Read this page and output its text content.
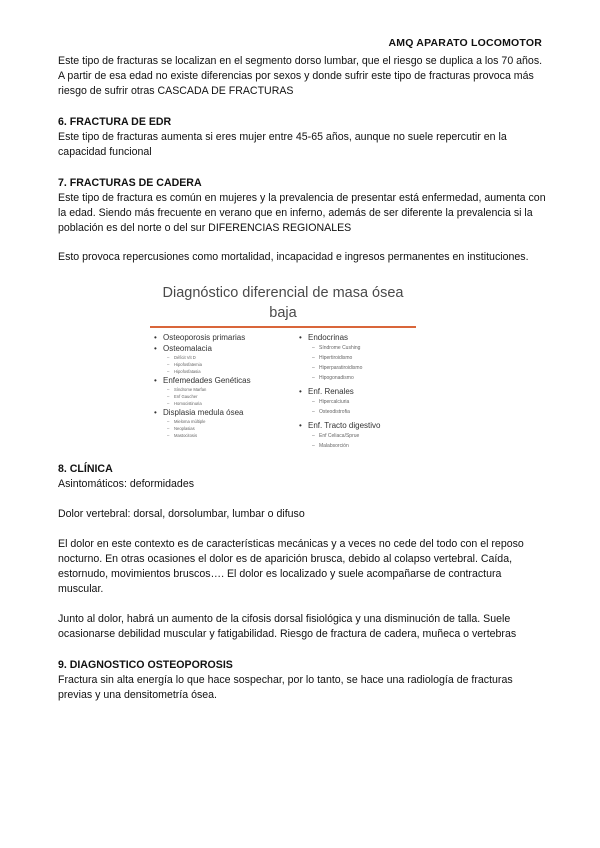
AMQ APARATO LOCOMOTOR

Este tipo de fracturas se localizan en el segmento dorso lumbar, que el riesgo se duplica a los 70 años. A partir de esa edad no existe diferencias por sexos y donde sufrir este tipo de fracturas provoca más riesgo de sufrir otras CASCADA DE FRACTURAS

6. FRACTURA DE EDR

Este tipo de fracturas aumenta si eres mujer entre 45-65 años, aunque no suele repercutir en la capacidad funcional

7. FRACTURAS DE CADERA

Este tipo de fractura es común en mujeres y la prevalencia de presentar está enfermedad, aumenta con la edad. Siendo más frecuente en verano que en inferno, además de ser diferente la prevalencia si la población es del norte o del sur DIFERENCIAS REGIONALES

Esto provoca repercusiones como mortalidad, incapacidad e ingresos permanentes en instituciones.

Diagnóstico diferencial de masa ósea
baja
• Osteoporosis primarias
• Osteomalacia
– Déficit Vit D
– Hipofosfatemia
– Hipofosfatasia
• Enfemedades Genéticas
– Síndrome Marfan
– Enf Gaucher
– Homocistinuria
• Displasia medula ósea
– Mieloma múltiple
– Neoplasias
– Mastocitosis
• Endocrinas
– Síndrome Cushing
– Hipertiroidismo
– Hiperparatiroidismo
– Hipogonadismo
• Enf. Renales
– Hipercalciuria
– Osteodistrofia
• Enf. Tracto digestivo
– Enf Celiaca/Sprue
– Malabsorción
8. CLÍNICA

Asintomáticos: deformidades

Dolor vertebral: dorsal, dorsolumbar, lumbar o difuso

El dolor en este contexto es de características mecánicas y a veces no cede del todo con el reposo nocturno. En otras ocasiones el dolor es de aparición brusca, debido al colapso vertebral. Caída, estornudo, movimientos bruscos…. El dolor es localizado y suele acompañarse de contractura muscular.

Junto al dolor, habrá un aumento de la cifosis dorsal fisiológica y una disminución de talla. Suele ocasionarse debilidad muscular y fatigabilidad. Riesgo de fractura de cadera, muñeca o vertebras

9. DIAGNOSTICO OSTEOPOROSIS

Fractura sin alta energía lo que hace sospechar, por lo tanto, se hace una radiología de fracturas previas y una densitometría ósea.
